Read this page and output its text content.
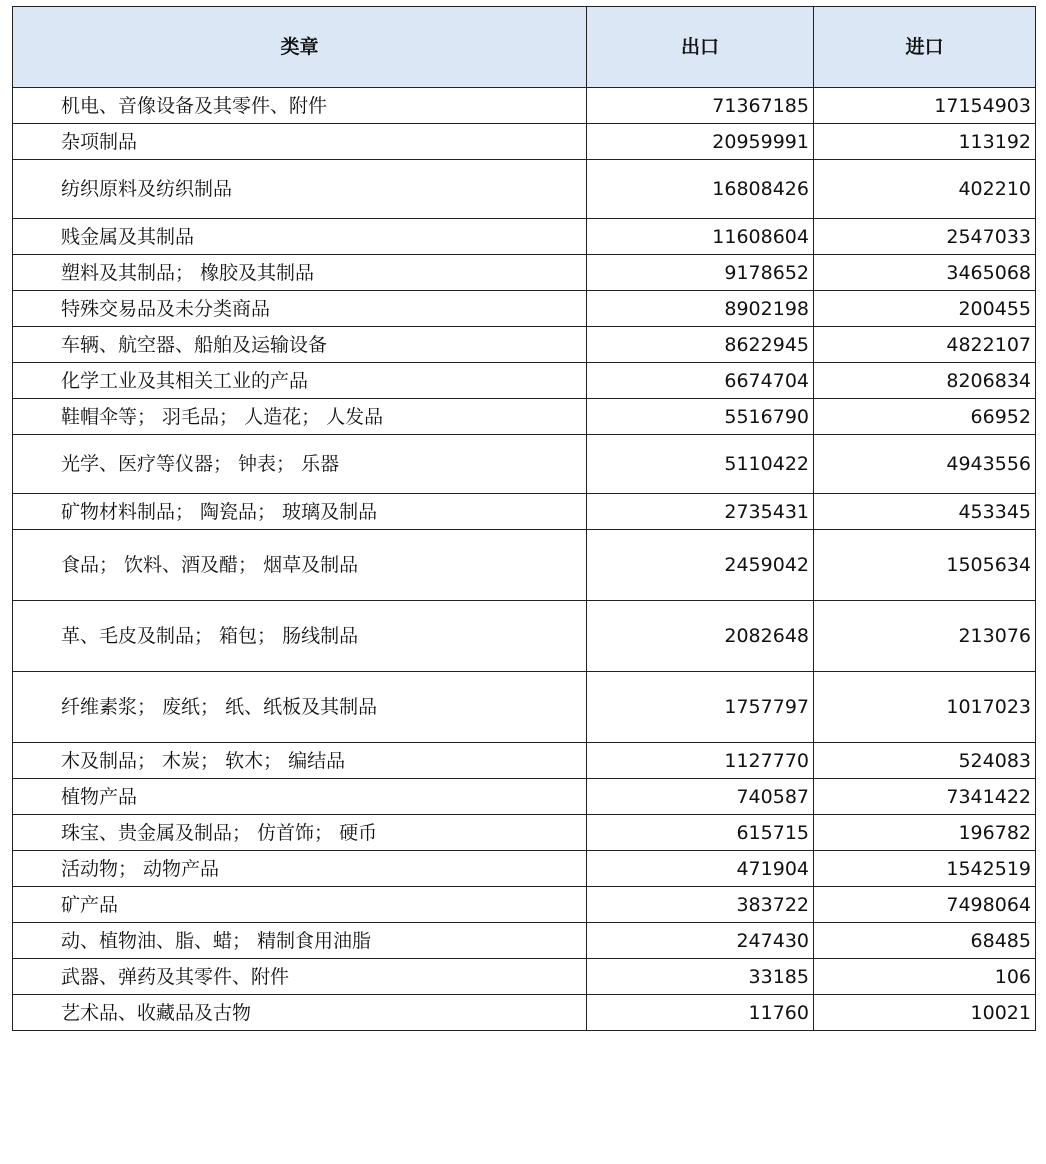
类章	出口	进口
机电、音像设备及其零件、附件	71367185	17154903
杂项制品	20959991	113192
纺织原料及纺织制品	16808426	402210
贱金属及其制品	11608604	2547033
塑料及其制品； 橡胶及其制品	9178652	3465068
特殊交易品及未分类商品	8902198	200455
车辆、航空器、船舶及运输设备	8622945	4822107
化学工业及其相关工业的产品	6674704	8206834
鞋帽伞等； 羽毛品； 人造花； 人发品	5516790	66952
光学、医疗等仪器； 钟表； 乐器	5110422	4943556
矿物材料制品； 陶瓷品； 玻璃及制品	2735431	453345
食品； 饮料、酒及醋； 烟草及制品	2459042	1505634
革、毛皮及制品； 箱包； 肠线制品	2082648	213076
纤维素浆； 废纸； 纸、纸板及其制品	1757797	1017023
木及制品； 木炭； 软木； 编结品	1127770	524083
植物产品	740587	7341422
珠宝、贵金属及制品； 仿首饰； 硬币	615715	196782
活动物； 动物产品	471904	1542519
矿产品	383722	7498064
动、植物油、脂、蜡； 精制食用油脂	247430	68485
武器、弹药及其零件、附件	33185	106
艺术品、收藏品及古物	11760	10021
